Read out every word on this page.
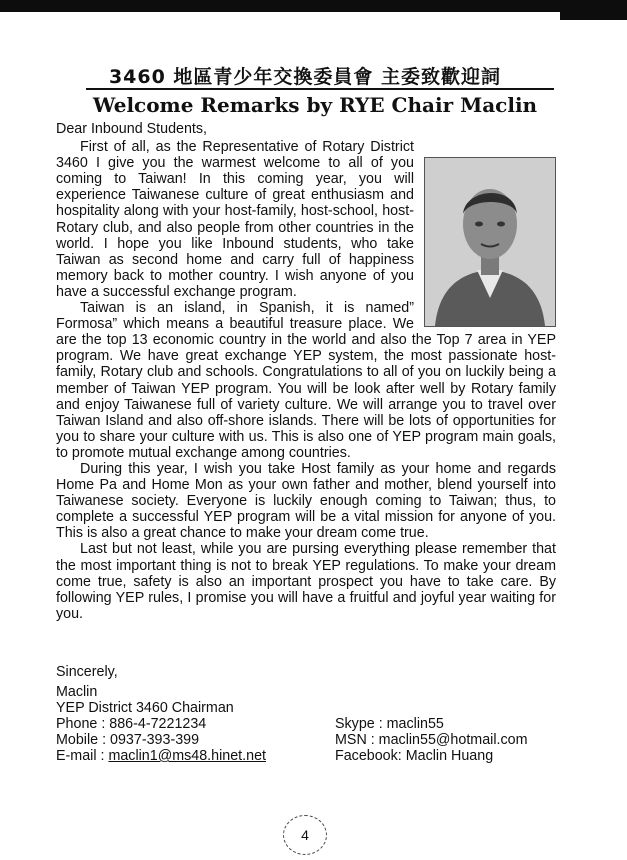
3460 地區青少年交換委員會 主委致歡迎詞
Welcome Remarks by RYE Chair Maclin

Dear Inbound Students,

First of all, as the Representative of Rotary District 3460 I give you the warmest welcome to all of you coming to Taiwan! In this coming year, you will experience Taiwanese culture of great enthusiasm and hospitality along with your host-family, host-school, host-Rotary club, and also people from other countries in the world. I hope you like Inbound students, who take Taiwan as second home and carry full of happiness memory back to mother country. I wish anyone of you have a successful exchange program.

Taiwan is an island, in Spanish, it is named” Formosa” which means a beautiful treasure place. We are the top 13 economic country in the world and also the Top 7 area in YEP program. We have great exchange YEP system, the most passionate host-family, Rotary club and schools. Congratulations to all of you on luckily being a member of Taiwan YEP program. You will be look after well by Rotary family and enjoy Taiwanese full of variety culture. We will arrange you to travel over Taiwan Island and also off-shore islands. There will be lots of opportunities for you to share your culture with us. This is also one of YEP program main goals, to promote mutual exchange among countries.

During this year, I wish you take Host family as your home and regards Home Pa and Home Mon as your own father and mother, blend yourself into Taiwanese society. Everyone is luckily enough coming to Taiwan; thus, to complete a successful YEP program will be a vital mission for anyone of you. This is also a great chance to make your dream come true.

Last but not least, while you are pursing everything please remember that the most important thing is not to break YEP regulations. To make your dream come true, safety is also an important prospect you have to take care. By following YEP rules, I promise you will have a fruitful and joyful year waiting for you.

Sincerely,
Maclin
YEP District 3460 Chairman
Phone : 886-4-7221234
Mobile : 0937-393-399
E-mail : maclin1@ms48.hinet.net
Skype : maclin55
MSN : maclin55@hotmail.com
Facebook: Maclin Huang
4
